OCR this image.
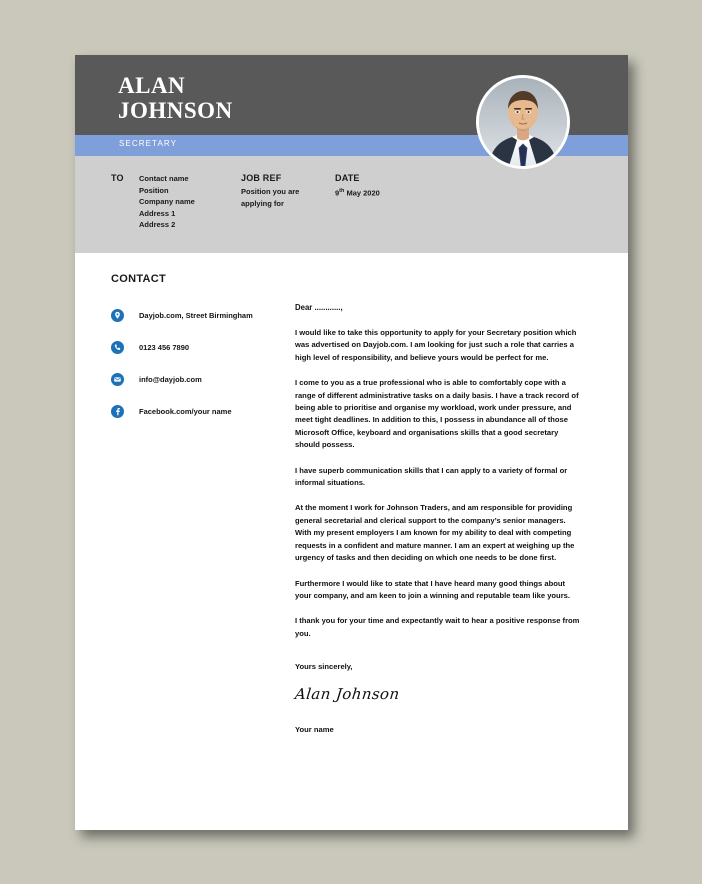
ALAN
JOHNSON
SECRETARY
TO Contact name
Position
Company name
Address 1
Address 2
JOB REF
Position you are
applying for
DATE
9th May 2020
CONTACT
Dayjob.com, Street Birmingham
0123 456 7890
info@dayjob.com
Facebook.com/your name
Dear ............,

I would like to take this opportunity to apply for your Secretary position which was advertised on Dayjob.com. I am looking for just such a role that carries a high level of responsibility, and believe yours would be perfect for me.

I come to you as a true professional who is able to comfortably cope with a range of different administrative tasks on a daily basis. I have a track record of being able to prioritise and organise my workload, work under pressure, and meet tight deadlines. In addition to this, I possess in abundance all of those Microsoft Office, keyboard and organisations skills that a good secretary should possess.

I have superb communication skills that I can apply to a variety of formal or informal situations.

At the moment I work for Johnson Traders, and am responsible for providing general secretarial and clerical support to the company’s senior managers. With my present employers I am known for my ability to deal with competing requests in a confident and mature manner. I am an expert at weighing up the urgency of tasks and then deciding on which one needs to be done first.

Furthermore I would like to state that I have heard many good things about your company, and am keen to join a winning and reputable team like yours.

I thank you for your time and expectantly wait to hear a positive response from you.

Yours sincerely,

Alan Johnson

Your name
